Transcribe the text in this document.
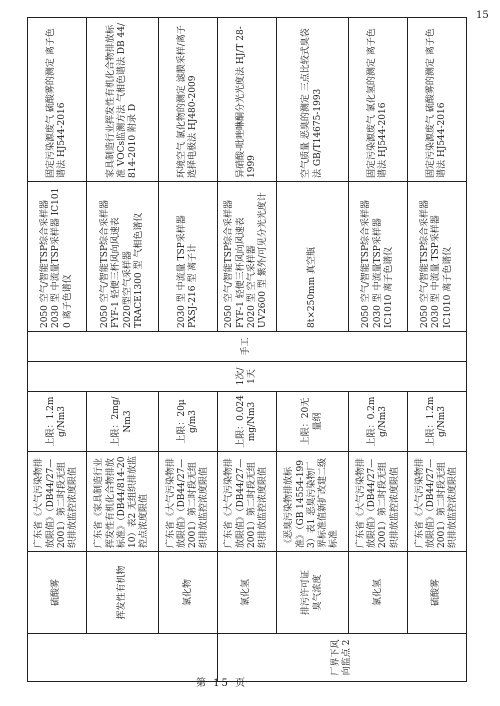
15
	硫酸雾	广东省《大气污染物排放限值》（DB44/27—2001）第二时段无组织排放监控浓度限值	上限：1.2mg/Nm3	1次/1天	手工	2050 空气/智能TSP综合采样器 2030 型 中流量TSP采样器 IC1010 离子色谱仪	固定污染源废气 硫酸雾的测定 离子色谱法 HJ544-2016
	挥发性有机物	广东省《家具制造行业挥发性有机化合物排放标准》（DB44/814-2010）表2 无组织排放监控点浓度限值	上限：2mg/Nm3			2050 空气/智能TSP综合采样器 FYF-1 轻便三杯风向风速表 2020型空气采样器 TRACE1300 型 气相色谱仪	家具制造行业挥发性有机化合物排放标准 VOCs监测方法 气相色谱法 DB 44/814-2010 附录 D
	氯化物	广东省《大气污染物排放限值》（DB44/27—2001）第二时段无组织排放监控浓度限值	上限：20μg/m3			2030 型 中流量 TSP采样器 PXSJ-216 型 离子计	环境空气 氯化物的测定 滤膜采样/离子选择电极法 HJ480-2009
厂界下风向监点 2	氯化氢	广东省《大气污染物排放限值》（DB44/27—2001）第二时段无组织排放监控浓度限值	上限：0.024mg/Nm3			2050 空气/智能TSP综合采样器 FYF-1 轻便三杯风向风速表 2020 型 空气采样器 UV2600 型 紫外/可见分光光度计	异硝酸-吡唑啉酮分光光度法 HJ/T 28-1999

	排污许可证 臭气浓度	《恶臭污染物排放标准》（GB 14554-1993）表1 恶臭污染物厂界标准值新扩改建二级标准	上限：20无量纲			8t×250mm 真空瓶	空气质量 恶臭的测定 三点比较式臭袋法 GB/T14675-1993
	氯化氢	广东省《大气污染物排放限值》（DB44/27—2001）第二时段无组织排放监控浓度限值	上限：0.2mg/Nm3			2050 空气/智能TSP综合采样器 2030 型 中流量TSP采样器 IC1010 离子色谱仪	固定污染源废气 氯化氢的测定 离子色谱法 HJ544-2016
	硫酸雾	广东省《大气污染物排放限值》（DB44/27—2001）第二时段无组织排放监控浓度限值	上限：1.2mg/Nm3			2050 空气/智能TSP综合采样器 2030 型 中流量 TSP采样器 IC1010 离子色谱仪	固定污染源废气 硫酸雾的测定 离子色谱法 HJ544-2016
第 15 页
